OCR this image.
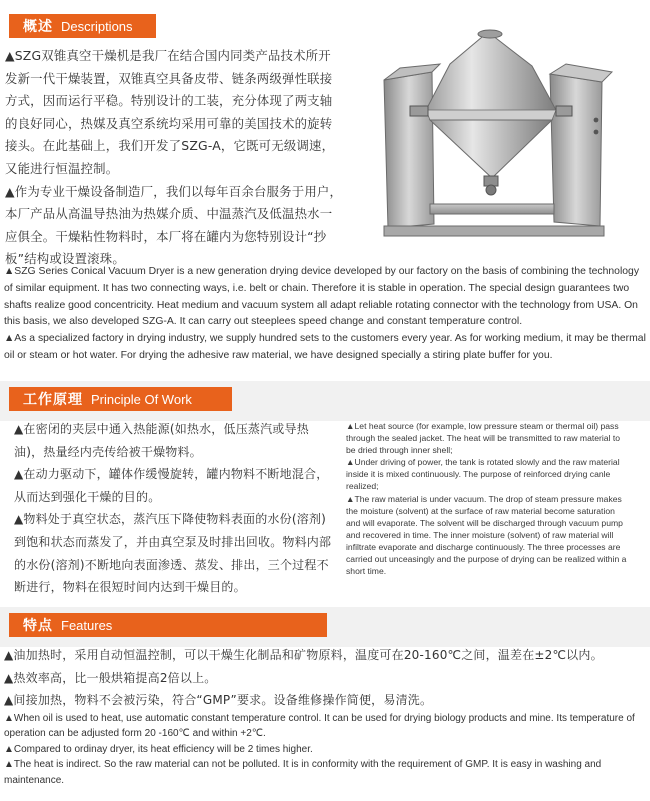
概述 Descriptions

▲SZG双锥真空干燥机是我厂在结合国内同类产品技术所开发新一代干燥装置，双锥真空具备皮带、链条两级弹性联接方式，因而运行平稳。特别设计的工装，充分体现了两支轴的良好同心，热媒及真空系统均采用可靠的美国技术的旋转接头。在此基础上，我们开发了SZG-A，它既可无级调速，又能进行恒温控制。

▲作为专业干燥设备制造厂，我们以每年百余台服务于用户，本厂产品从高温导热油为热媒介质、中温蒸汽及低温热水一应俱全。干燥粘性物料时，本厂将在罐内为您特别设计“抄板”结构或设置滚珠。

▲SZG Series Conical Vacuum Dryer is a new generation drying device developed by our factory on the basis of combining the technology of similar equipment. It has two connecting ways, i.e. belt or chain. Therefore it is stable in operation. The special design guarantees two shafts realize good concentricity. Heat medium and vacuum system all adapt reliable rotating connector with the technology from USA. On this basis, we also developed SZG-A. It can carry out steeplees speed change and constant temperature control.

▲As a specialized factory in drying industry, we supply hundred sets to the customers every year. As for working medium, it may be thermal oil or steam or hot water. For drying the adhesive raw material, we have designed specially a stiring plate buffer for you.

工作原理 Principle Of Work

▲在密闭的夹层中通入热能源(如热水，低压蒸汽或导热油)，热量经内壳传给被干燥物料。

▲在动力驱动下，罐体作缓慢旋转，罐内物料不断地混合，从而达到强化干燥的目的。

▲物料处于真空状态，蒸汽压下降使物料表面的水份(溶剂)到饱和状态而蒸发了，并由真空泵及时排出回收。物料内部的水份(溶剂)不断地向表面渗透、蒸发、排出，三个过程不断进行，物料在很短时间内达到干燥目的。

▲Let heat source (for example, low pressure steam or thermal oil) pass through the sealed jacket. The heat will be transmitted to raw material to be dried through inner shell;

▲Under driving of power, the tank is rotated slowly and the raw material inside it is mixed continuously. The purpose of reinforced drying canle realized;

▲The raw material is under vacuum. The drop of steam pressure makes the moisture (solvent) at the surface of raw material become saturation and will evaporate. The solvent will be discharged through vacuum pump and recovered in time. The inner moisture (solvent) of raw material will infiltrate evaporate and discharge continuously. The three processes are carried out unceasingly and the purpose of drying can be realized within a short time.

特点 Features

▲油加热时，采用自动恒温控制，可以干燥生化制品和矿物原料，温度可在20-160℃之间，温差在±2℃以内。

▲热效率高，比一般烘箱提高2倍以上。

▲间接加热，物料不会被污染，符合“GMP”要求。设备维修操作简便，易清洗。

▲When oil is used to heat, use automatic constant temperature control. It can be used for drying biology products and mine. Its temperature of operation can be adjusted form 20 -160℃ and within +2℃.

▲Compared to ordinay dryer, its heat efficiency will be 2 times higher.

▲The heat is indirect. So the raw material can not be polluted. It is in conformity with the requirement of GMP. It is easy in washing and maintenance.
